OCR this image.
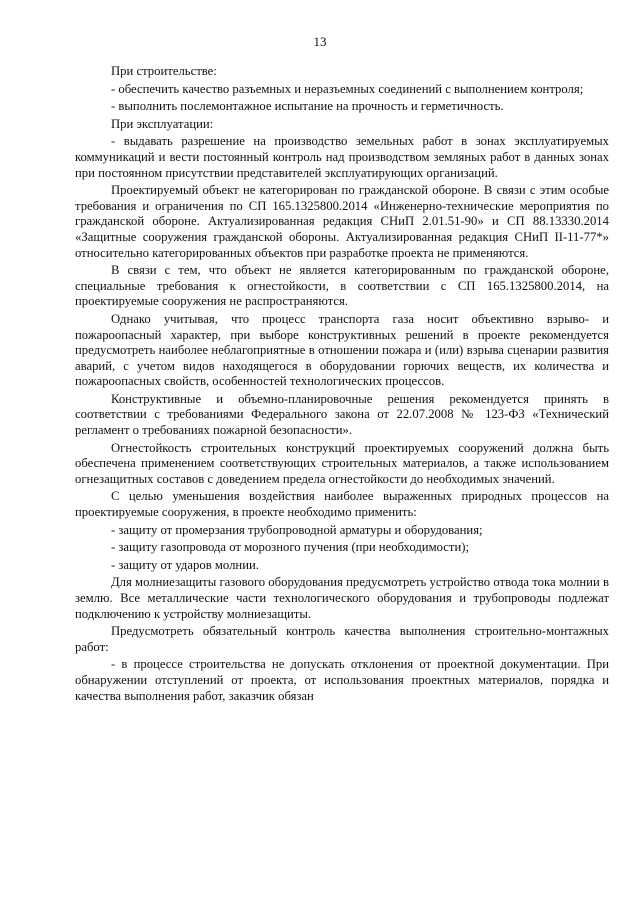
13

При строительстве:

- обеспечить качество разъемных и неразъемных соединений с выполнением контроля;

- выполнить послемонтажное испытание на прочность и герметичность.

При эксплуатации:

- выдавать разрешение на производство земельных работ в зонах эксплуатируемых коммуникаций и вести постоянный контроль над производством земляных работ в данных зонах при постоянном присутствии представителей эксплуатирующих организаций.

Проектируемый объект не категорирован по гражданской обороне. В связи с этим особые требования и ограничения по СП 165.1325800.2014 «Инженерно-технические мероприятия по гражданской обороне. Актуализированная редакция СНиП 2.01.51-90» и СП 88.13330.2014 «Защитные сооружения гражданской обороны. Актуализированная редакция СНиП II-11-77*» относительно категорированных объектов при разработке проекта не применяются.

В связи с тем, что объект не является категорированным по гражданской обороне, специальные требования к огнестойкости, в соответствии с СП 165.1325800.2014, на проектируемые сооружения не распространяются.

Однако учитывая, что процесс транспорта газа носит объективно взрыво- и пожароопасный характер, при выборе конструктивных решений в проекте рекомендуется предусмотреть наиболее неблагоприятные в отношении пожара и (или) взрыва сценарии развития аварий, с учетом видов находящегося в оборудовании горючих веществ, их количества и пожароопасных свойств, особенностей технологических процессов.

Конструктивные и объемно-планировочные решения рекомендуется принять в соответствии с требованиями Федерального закона от 22.07.2008 № 123-ФЗ «Технический регламент о требованиях пожарной безопасности».

Огнестойкость строительных конструкций проектируемых сооружений должна быть обеспечена применением соответствующих строительных материалов, а также использованием огнезащитных составов с доведением предела огнестойкости до необходимых значений.

С целью уменьшения воздействия наиболее выраженных природных процессов на проектируемые сооружения, в проекте необходимо применить:

- защиту от промерзания трубопроводной арматуры и оборудования;

- защиту газопровода от морозного пучения (при необходимости);

- защиту от ударов молнии.

Для молниезащиты газового оборудования предусмотреть устройство отвода тока молнии в землю. Все металлические части технологического оборудования и трубопроводы подлежат подключению к устройству молниезащиты.

Предусмотреть обязательный контроль качества выполнения строительно-монтажных работ:

- в процессе строительства не допускать отклонения от проектной документации. При обнаружении отступлений от проекта, от использования проектных материалов, порядка и качества выполнения работ, заказчик обязан
